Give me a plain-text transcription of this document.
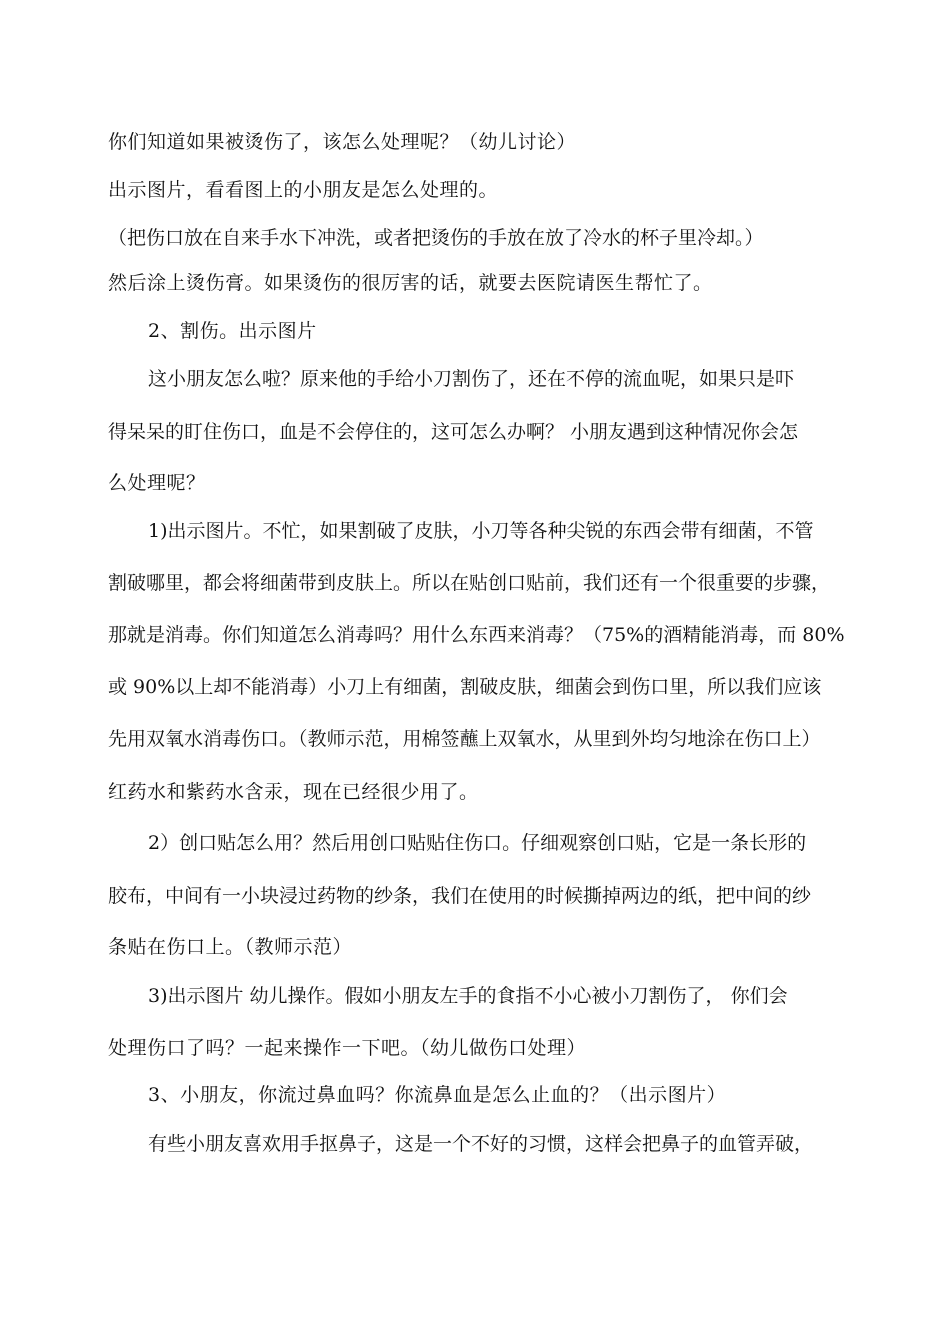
你们知道如果被烫伤了，该怎么处理呢？（幼儿讨论）
出示图片，看看图上的小朋友是怎么处理的。
（把伤口放在自来手水下冲洗，或者把烫伤的手放在放了冷水的杯子里冷却。）
然后涂上烫伤膏。如果烫伤的很厉害的话，就要去医院请医生帮忙了。
2、割伤。出示图片
这小朋友怎么啦？原来他的手给小刀割伤了，还在不停的流血呢，如果只是吓
得呆呆的盯住伤口，血是不会停住的，这可怎么办啊？ 小朋友遇到这种情况你会怎
么处理呢？
1)出示图片。不忙，如果割破了皮肤，小刀等各种尖锐的东西会带有细菌，不管
割破哪里，都会将细菌带到皮肤上。所以在贴创口贴前，我们还有一个很重要的步骤，
那就是消毒。你们知道怎么消毒吗？用什么东西来消毒？（75%的酒精能消毒，而 80%
或 90%以上却不能消毒）小刀上有细菌，割破皮肤，细菌会到伤口里，所以我们应该
先用双氧水消毒伤口。（教师示范，用棉签蘸上双氧水，从里到外均匀地涂在伤口上）
红药水和紫药水含汞，现在已经很少用了。
2）创口贴怎么用？然后用创口贴贴住伤口。仔细观察创口贴，它是一条长形的
胶布，中间有一小块浸过药物的纱条，我们在使用的时候撕掉两边的纸，把中间的纱
条贴在伤口上。（教师示范）
3)出示图片 幼儿操作。假如小朋友左手的食指不小心被小刀割伤了， 你们会
处理伤口了吗？一起来操作一下吧。（幼儿做伤口处理）
3、小朋友，你流过鼻血吗？你流鼻血是怎么止血的？（出示图片）
有些小朋友喜欢用手抠鼻子，这是一个不好的习惯，这样会把鼻子的血管弄破，
